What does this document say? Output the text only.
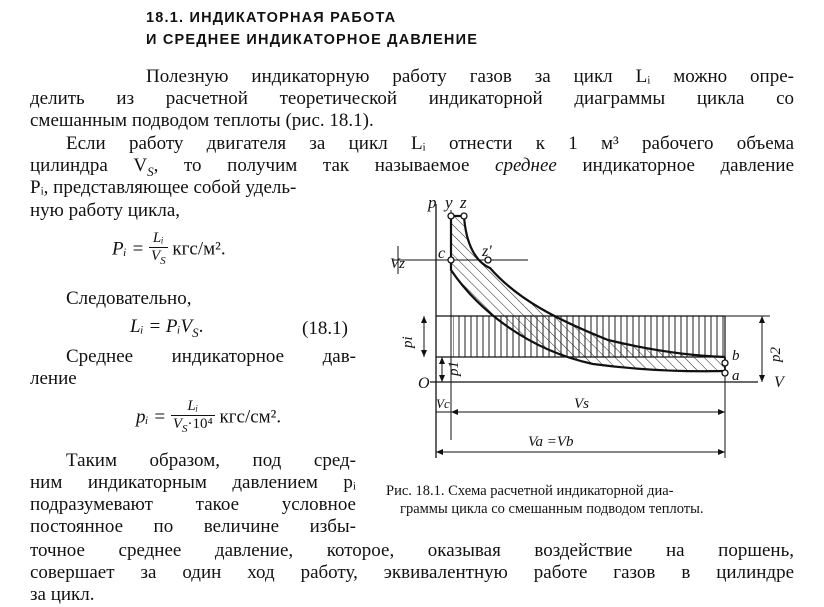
18.1. ИНДИКАТОРНАЯ РАБОТА
И СРЕДНЕЕ ИНДИКАТОРНОЕ ДАВЛЕНИЕ
Полезную индикаторную работу газов за цикл Lᵢ можно опре-
делить из расчетной теоретической индикаторной диаграммы цикла со
смешанным подводом теплоты (рис. 18.1).
Если работу двигателя за цикл Lᵢ отнести к 1 м³ рабочего объема
цилиндра $V_S$, то получим так называемое среднее индикаторное давление
Pᵢ, представляющее собой удель-
ную работу цикла,
Pᵢ = $\frac{\text{Lᵢ}}{V_S} кгс/м^2$.
Следовательно,
Lᵢ = PᵢV$_S$.	(18.1)
Среднее индикаторное дав-
ление
pᵢ = $\frac{\text{Lᵢ}}{V_S\cdot 10^4} кгс/см^2$.
Таким образом, под сред-
ним индикаторным давлением pᵢ
подразумевают такое условное
постоянное по величине избы-
точное среднее давление, которое, оказывая воздействие на поршень,
совершает за один ход работу, эквивалентную работе газов в цилиндре
за цикл.
p y z
c z'
Vz
pi
p1
p2
b
a V
O
Vc	Vs
Va =Vb
Рис. 18.1. Схема расчетной индикаторной диа-
граммы цикла со смешанным подводом теплоты.
